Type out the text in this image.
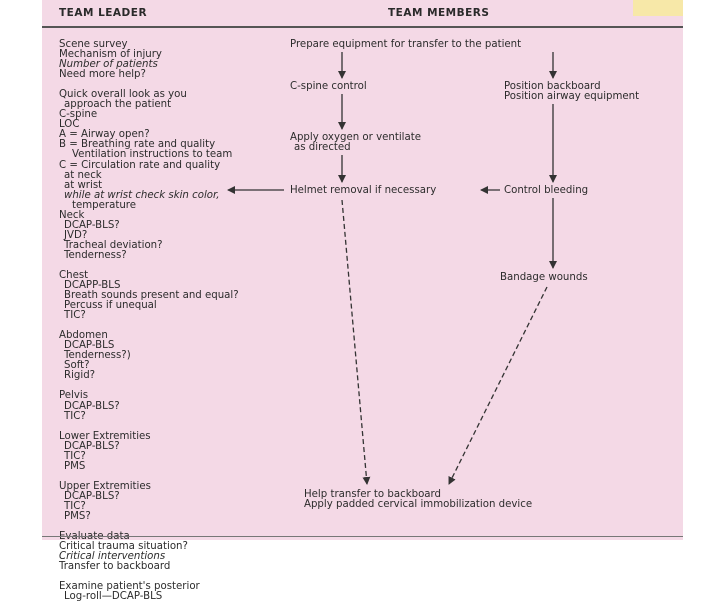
TEAM LEADER	TEAM MEMBERS
Scene survey
Mechanism of injury
Number of patients
Need more help?
Quick overall look as you
approach the patient
C-spine
LOC
A = Airway open?
B = Breathing rate and quality
Ventilation instructions to team
C = Circulation rate and quality
at neck
at wrist
while at wrist check skin color,
temperature
Neck
DCAP-BLS?
JVD?
Tracheal deviation?
Tenderness?
Chest
DCAPP-BLS
Breath sounds present and equal?
Percuss if unequal
TIC?
Abdomen
DCAP-BLS
Tenderness?)
Soft?
Rigid?
Pelvis
DCAP-BLS?
TIC?
Lower Extremities
DCAP-BLS?
TIC?
PMS
Upper Extremities
DCAP-BLS?
TIC?
PMS?
Critical trauma situation?
Critical interventions
Transfer to backboard
Examine patient's posterior
Log-roll—DCAP-BLS
Prepare equipment for transfer to the patient
C-spine control	Position backboard
Position airway equipment
Apply oxygen or ventilate
as directed
Helmet removal if necessary	Control bleeding
Bandage wounds
Help transfer to backboard
Apply padded cervical immobilization device
